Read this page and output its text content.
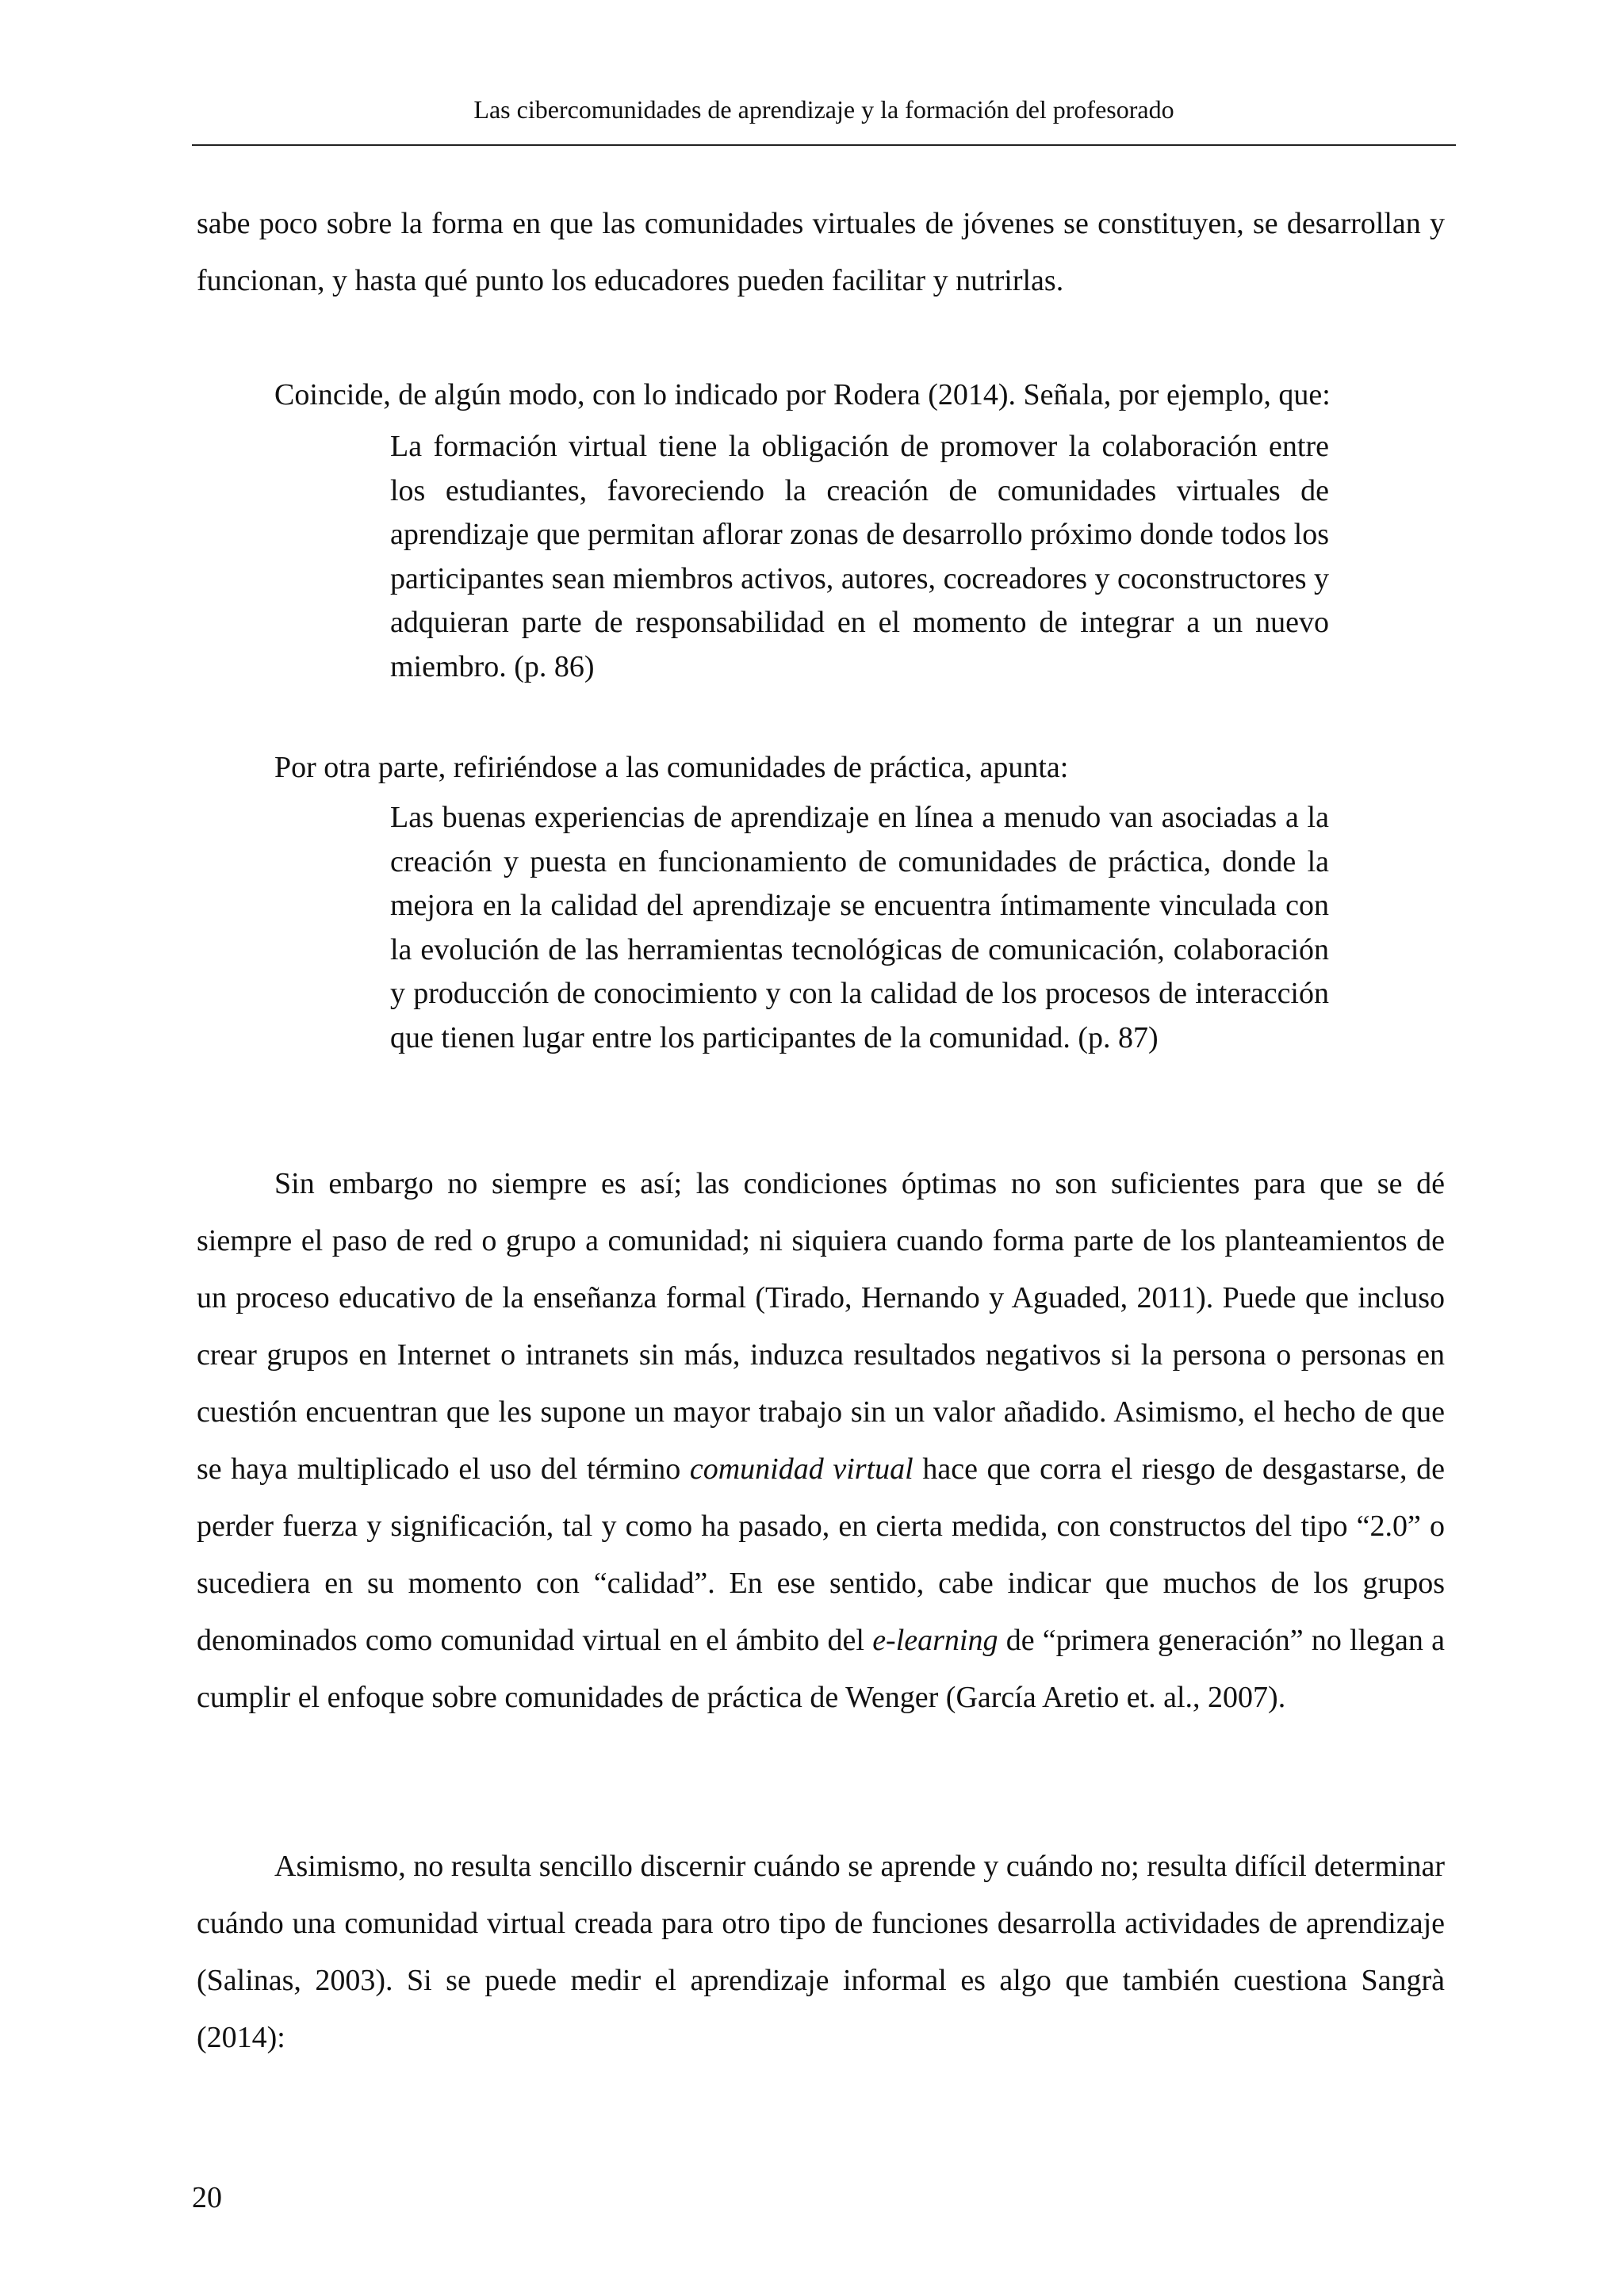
Las cibercomunidades de aprendizaje y la formación del profesorado

sabe poco sobre la forma en que las comunidades virtuales de jóvenes se constituyen, se desarrollan y funcionan, y hasta qué punto los educadores pueden facilitar y nutrirlas.

Coincide, de algún modo, con lo indicado por Rodera (2014). Señala, por ejemplo, que:

La formación virtual tiene la obligación de promover la colaboración entre los estudiantes, favoreciendo la creación de comunidades virtuales de aprendizaje que permitan aflorar zonas de desarrollo próximo donde todos los participantes sean miembros activos, autores, cocreadores y coconstructores y adquieran parte de responsabilidad en el momento de integrar a un nuevo miembro. (p. 86)

Por otra parte, refiriéndose a las comunidades de práctica, apunta:

Las buenas experiencias de aprendizaje en línea a menudo van asociadas a la creación y puesta en funcionamiento de comunidades de práctica, donde la mejora en la calidad del aprendizaje se encuentra íntimamente vinculada con la evolución de las herramientas tecnológicas de comunicación, colaboración y producción de conocimiento y con la calidad de los procesos de interacción que tienen lugar entre los participantes de la comunidad. (p. 87)

Sin embargo no siempre es así; las condiciones óptimas no son suficientes para que se dé siempre el paso de red o grupo a comunidad; ni siquiera cuando forma parte de los planteamientos de un proceso educativo de la enseñanza formal (Tirado, Hernando y Aguaded, 2011). Puede que incluso crear grupos en Internet o intranets sin más, induzca resultados negativos si la persona o personas en cuestión encuentran que les supone un mayor trabajo sin un valor añadido. Asimismo, el hecho de que se haya multiplicado el uso del término comunidad virtual hace que corra el riesgo de desgastarse, de perder fuerza y significación, tal y como ha pasado, en cierta medida, con constructos del tipo “2.0” o sucediera en su momento con “calidad”. En ese sentido, cabe indicar que muchos de los grupos denominados como comunidad virtual en el ámbito del e-learning de “primera generación” no llegan a cumplir el enfoque sobre comunidades de práctica de Wenger (García Aretio et. al., 2007).

Asimismo, no resulta sencillo discernir cuándo se aprende y cuándo no; resulta difícil determinar cuándo una comunidad virtual creada para otro tipo de funciones desarrolla actividades de aprendizaje (Salinas, 2003). Si se puede medir el aprendizaje informal es algo que también cuestiona Sangrà (2014):

20
